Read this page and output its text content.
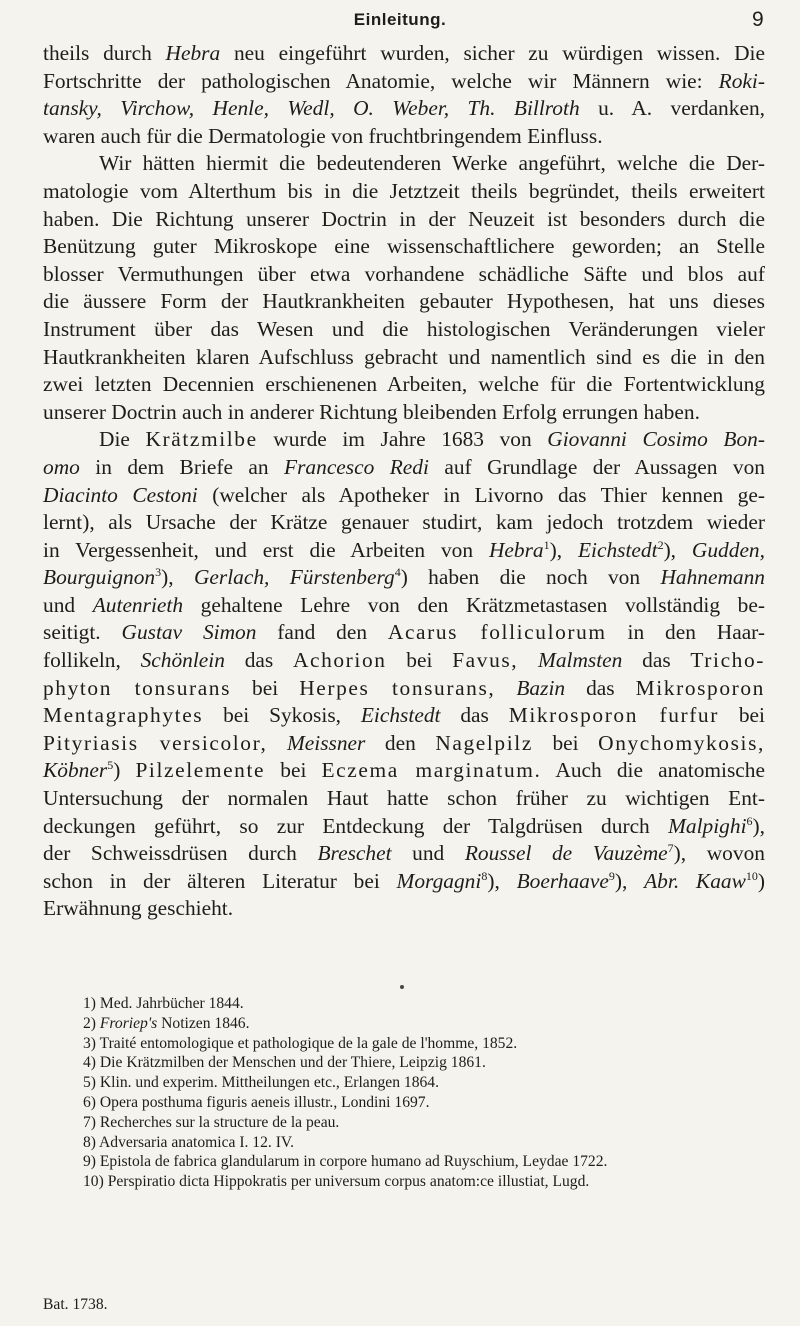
Einleitung.	9
theils durch Hebra neu eingeführt wurden, sicher zu würdigen wissen. Die
Fortschritte der pathologischen Anatomie, welche wir Männern wie: Roki-
tansky, Virchow, Henle, Wedl, O. Weber, Th. Billroth u. A. verdanken,
waren auch für die Dermatologie von fruchtbringendem Einfluss.
Wir hätten hiermit die bedeutenderen Werke angeführt, welche die Der-
matologie vom Alterthum bis in die Jetztzeit theils begründet, theils erweitert
haben. Die Richtung unserer Doctrin in der Neuzeit ist besonders durch die
Benützung guter Mikroskope eine wissenschaftlichere geworden; an Stelle
blosser Vermuthungen über etwa vorhandene schädliche Säfte und blos auf
die äussere Form der Hautkrankheiten gebauter Hypothesen, hat uns dieses
Instrument über das Wesen und die histologischen Veränderungen vieler
Hautkrankheiten klaren Aufschluss gebracht und namentlich sind es die in den
zwei letzten Decennien erschienenen Arbeiten, welche für die Fortentwicklung
unserer Doctrin auch in anderer Richtung bleibenden Erfolg errungen haben.
Die Krätzmilbe wurde im Jahre 1683 von Giovanni Cosimo Bon-
omo in dem Briefe an Francesco Redi auf Grundlage der Aussagen von
Diacinto Cestoni (welcher als Apotheker in Livorno das Thier kennen ge-
lernt), als Ursache der Krätze genauer studirt, kam jedoch trotzdem wieder
in Vergessenheit, und erst die Arbeiten von Hebra$^1$), Eichstedt$^2$), Gudden,
Bourguignon$^3$), Gerlach, Fürstenberg$^4$) haben die noch von Hahnemann
und Autenrieth gehaltene Lehre von den Krätzmetastasen vollständig be-
seitigt. Gustav Simon fand den Acarus folliculorum in den Haar-
follikeln, Schönlein das Achorion bei Favus, Malmsten das Tricho-
phyton tonsurans bei Herpes tonsurans, Bazin das Mikrosporon
Mentagraphytes bei Sykosis, Eichstedt das Mikrosporon furfur bei
Pityriasis versicolor, Meissner den Nagelpilz bei Onychomykosis,
Köbner$^5$) Pilzelemente bei Eczema marginatum. Auch die anatomische
Untersuchung der normalen Haut hatte schon früher zu wichtigen Ent-
deckungen geführt, so zur Entdeckung der Talgdrüsen durch Malpighi$^6$),
der Schweissdrüsen durch Breschet und Roussel de Vauzème$^7$), wovon
schon in der älteren Literatur bei Morgagni$^8$), Boerhaave$^9$), Abr. Kaaw$^{10}$)
Erwähnung geschieht.
1) Med. Jahrbücher 1844.
2) Froriep's Notizen 1846.
3) Traité entomologique et pathologique de la gale de l'homme, 1852.
4) Die Krätzmilben der Menschen und der Thiere, Leipzig 1861.
5) Klin. und experim. Mittheilungen etc., Erlangen 1864.
6) Opera posthuma figuris aeneis illustr., Londini 1697.
7) Recherches sur la structure de la peau.
8) Adversaria anatomica I. 12. IV.
9) Epistola de fabrica glandularum in corpore humano ad Ruyschium, Leydae 1722.
10) Perspiratio dicta Hippokratis per universum corpus anatom:ce illustiat, Lugd.
Bat. 1738.
